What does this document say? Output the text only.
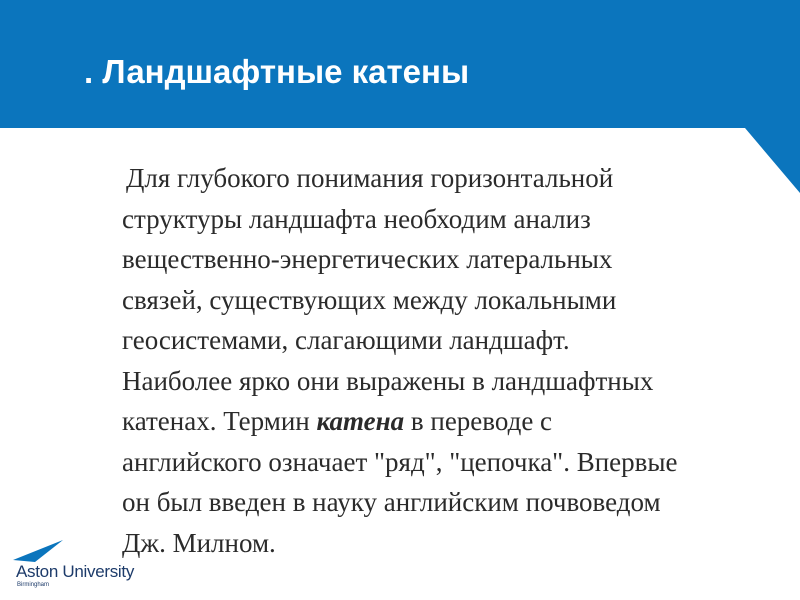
. Ландшафтные катены

Для глубокого понимания горизонтальной
структуры ландшафта необходим анализ
вещественно-энергетических латеральных
связей, существующих между локальными
геосистемами, слагающими ландшафт.
Наиболее ярко они выражены в ландшафтных
катенах. Термин катена в переводе с
английского означает "ряд", "цепочка". Впервые
он был введен в науку английским почвоведом
Дж. Милном.

Aston University
Birmingham
